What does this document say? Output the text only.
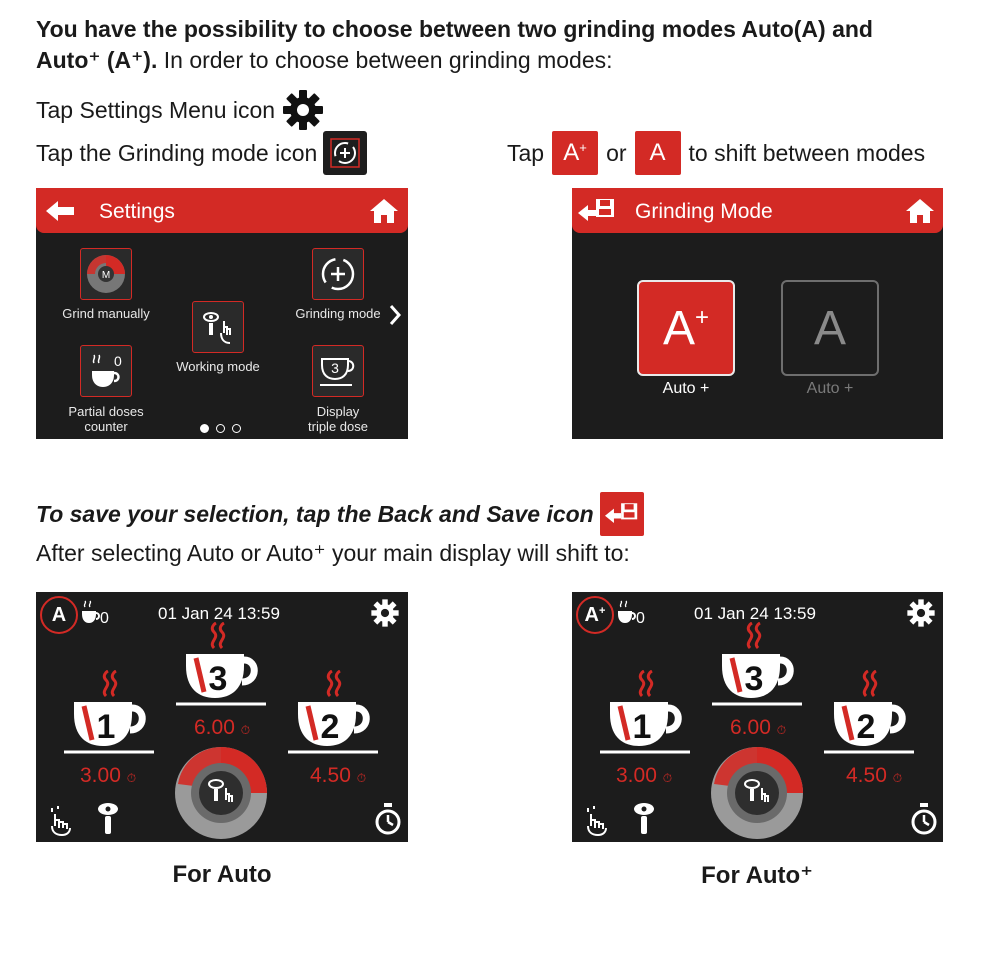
You have the possibility to choose between two grinding modes Auto(A) and
Auto⁺ (A⁺). In order to choose between grinding modes:
Tap Settings Menu icon
Tap the Grinding mode icon	Tap A+ or A to shift between modes
Settings
M
Grind manually
Working mode
Grinding mode
0
Partial doses
counter
3
Display
triple dose
Grinding Mode
A+
Auto +
A
Auto +
To save your selection, tap the Back and Save icon
After selecting Auto or Auto⁺ your main display will shift to:
A 0	01 Jan 24 13:59
3
6.00 ⏱
1
3.00 ⏱
2
4.50 ⏱
A+ 0	01 Jan 24 13:59
3
6.00 ⏱
1
3.00 ⏱
2
4.50 ⏱
For Auto	For Auto⁺
